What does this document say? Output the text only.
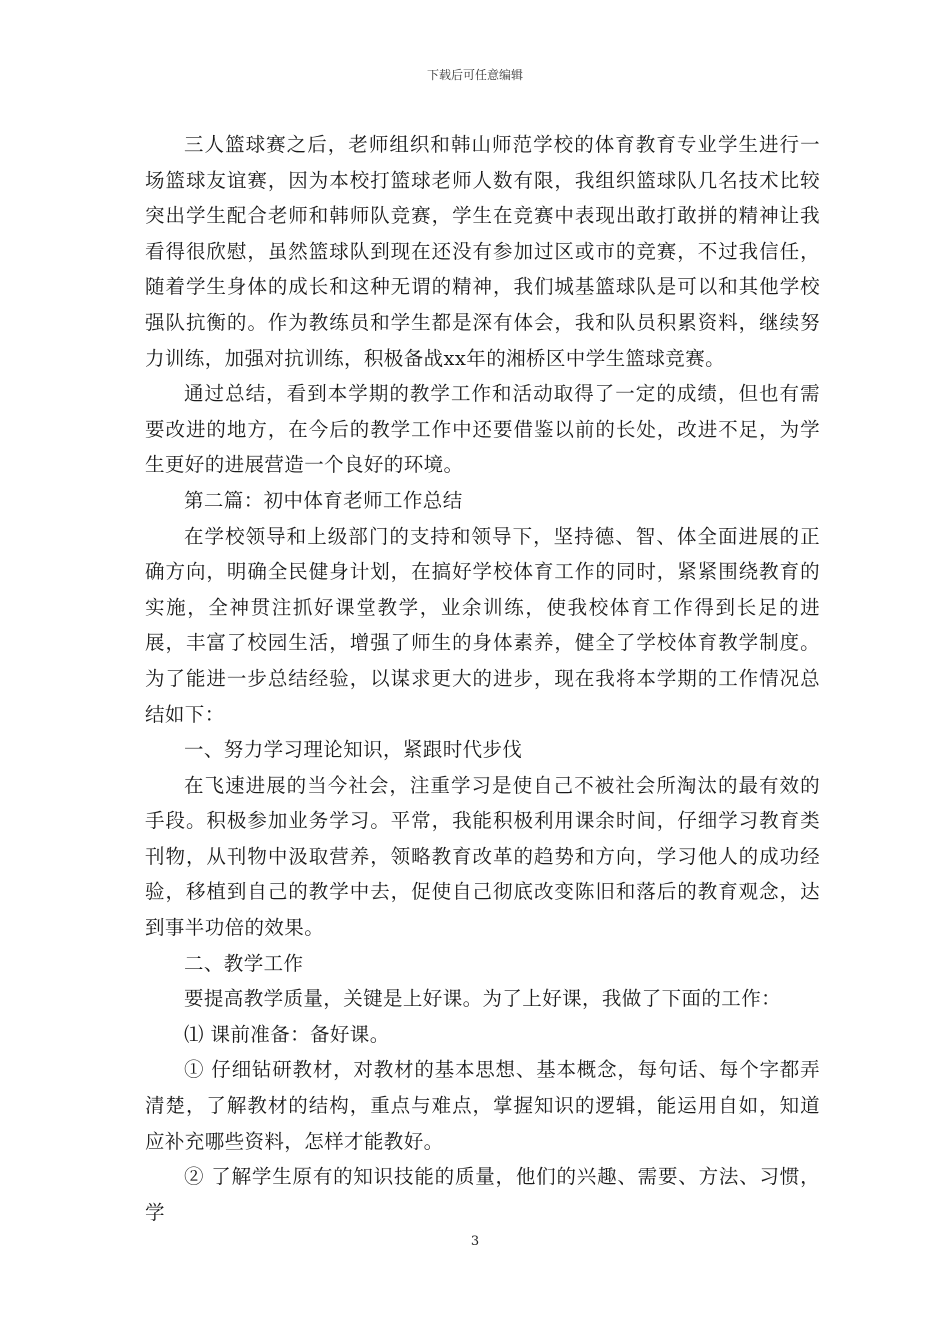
下载后可任意编辑

三人篮球赛之后，老师组织和韩山师范学校的体育教育专业学生进行一场篮球友谊赛，因为本校打篮球老师人数有限，我组织篮球队几名技术比较突出学生配合老师和韩师队竞赛，学生在竞赛中表现出敢打敢拼的精神让我看得很欣慰，虽然篮球队到现在还没有参加过区或市的竞赛，不过我信任，随着学生身体的成长和这种无谓的精神，我们城基篮球队是可以和其他学校强队抗衡的。作为教练员和学生都是深有体会，我和队员积累资料，继续努力训练，加强对抗训练，积极备战xx年的湘桥区中学生篮球竞赛。

通过总结，看到本学期的教学工作和活动取得了一定的成绩，但也有需要改进的地方，在今后的教学工作中还要借鉴以前的长处，改进不足，为学生更好的进展营造一个良好的环境。

第二篇：初中体育老师工作总结

在学校领导和上级部门的支持和领导下，坚持德、智、体全面进展的正确方向，明确全民健身计划，在搞好学校体育工作的同时，紧紧围绕教育的实施，全神贯注抓好课堂教学，业余训练，使我校体育工作得到长足的进展，丰富了校园生活，增强了师生的身体素养，健全了学校体育教学制度。为了能进一步总结经验，以谋求更大的进步，现在我将本学期的工作情况总结如下：

一、努力学习理论知识，紧跟时代步伐

在飞速进展的当今社会，注重学习是使自己不被社会所淘汰的最有效的手段。积极参加业务学习。平常，我能积极利用课余时间，仔细学习教育类刊物，从刊物中汲取营养，领略教育改革的趋势和方向，学习他人的成功经验，移植到自己的教学中去，促使自己彻底改变陈旧和落后的教育观念，达到事半功倍的效果。

二、教学工作

要提高教学质量，关键是上好课。为了上好课，我做了下面的工作：

⑴ 课前准备：备好课。

① 仔细钻研教材，对教材的基本思想、基本概念，每句话、每个字都弄清楚，了解教材的结构，重点与难点，掌握知识的逻辑，能运用自如，知道应补充哪些资料，怎样才能教好。

② 了解学生原有的知识技能的质量，他们的兴趣、需要、方法、习惯，学

3
